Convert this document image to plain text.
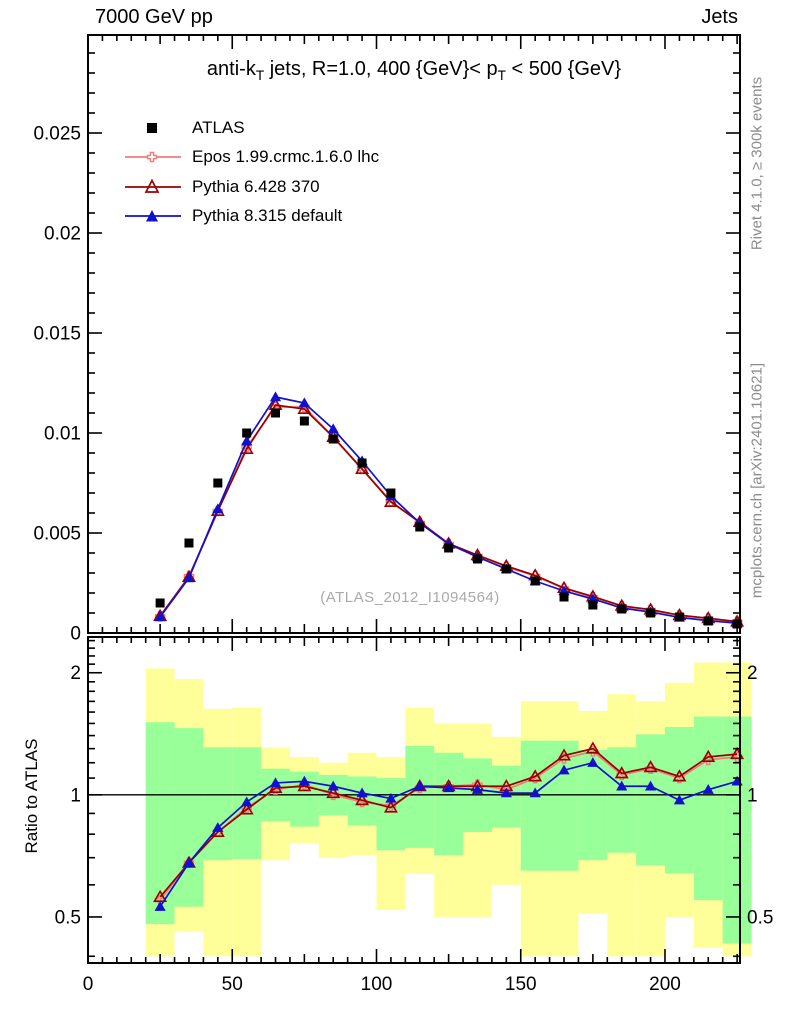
0
0.005
0.01
0.015
0.02
0.025
0.5	0.5
1	1
2	2
0	50	100	150	200
7000 GeV pp	Jets
anti-$k_T$ jets, R=1.0, 400 $\{GeV\}< p_T < 500$ {GeV}
ATLAS
Epos 1.99.crmc.1.6.0 lhc
Pythia 6.428 370
Pythia 8.315 default
(ATLAS_2012_I1094564)
Rivet 4.1.0, ≥ 300k events
mcplots.cern.ch [arXiv:2401.10621]
Ratio to ATLAS
